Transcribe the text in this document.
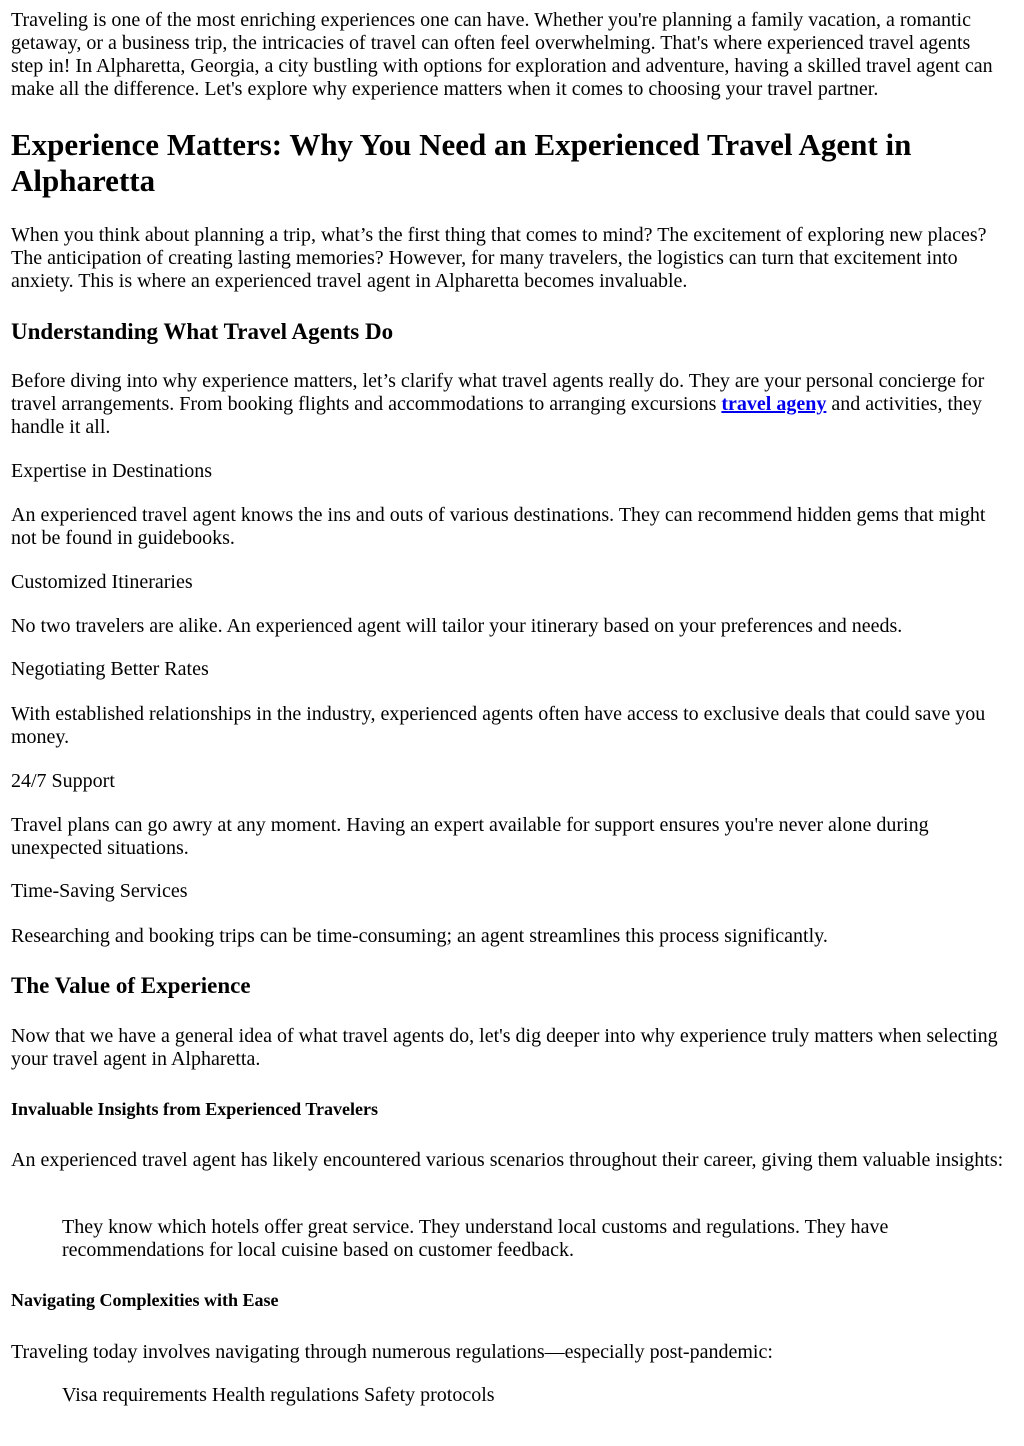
Traveling is one of the most enriching experiences one can have. Whether you're planning a family vacation, a romantic getaway, or a business trip, the intricacies of travel can often feel overwhelming. That's where experienced travel agents step in! In Alpharetta, Georgia, a city bustling with options for exploration and adventure, having a skilled travel agent can make all the difference. Let's explore why experience matters when it comes to choosing your travel partner.

Experience Matters: Why You Need an Experienced Travel Agent in Alpharetta

When you think about planning a trip, what’s the first thing that comes to mind? The excitement of exploring new places? The anticipation of creating lasting memories? However, for many travelers, the logistics can turn that excitement into anxiety. This is where an experienced travel agent in Alpharetta becomes invaluable.

Understanding What Travel Agents Do

Before diving into why experience matters, let’s clarify what travel agents really do. They are your personal concierge for travel arrangements. From booking flights and accommodations to arranging excursions travel ageny and activities, they handle it all.

Expertise in Destinations

An experienced travel agent knows the ins and outs of various destinations. They can recommend hidden gems that might not be found in guidebooks.

Customized Itineraries

No two travelers are alike. An experienced agent will tailor your itinerary based on your preferences and needs.

Negotiating Better Rates

With established relationships in the industry, experienced agents often have access to exclusive deals that could save you money.

24/7 Support

Travel plans can go awry at any moment. Having an expert available for support ensures you're never alone during unexpected situations.

Time-Saving Services

Researching and booking trips can be time-consuming; an agent streamlines this process significantly.

The Value of Experience

Now that we have a general idea of what travel agents do, let's dig deeper into why experience truly matters when selecting your travel agent in Alpharetta.

Invaluable Insights from Experienced Travelers

An experienced travel agent has likely encountered various scenarios throughout their career, giving them valuable insights:

They know which hotels offer great service. They understand local customs and regulations. They have recommendations for local cuisine based on customer feedback.

Navigating Complexities with Ease

Traveling today involves navigating through numerous regulations—especially post-pandemic:

Visa requirements Health regulations Safety protocols
